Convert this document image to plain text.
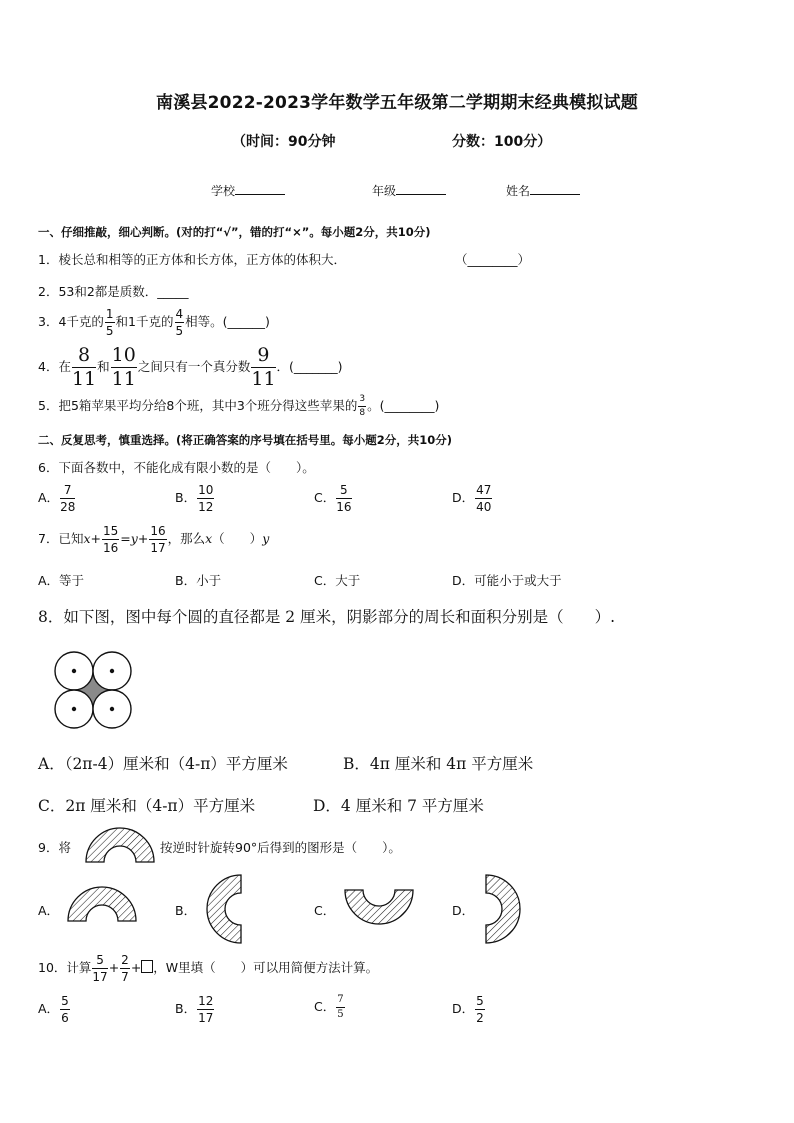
南溪县2022-2023学年数学五年级第二学期期末经典模拟试题
（时间：90分钟	分数：100分）
学校	年级	姓名
一、仔细推敲，细心判断。(对的打“√”，错的打“×”。每小题2分，共10分)
1．棱长总和相等的正方体和长方体，正方体的体积大．	（________）
2．53和2都是质数．_____
3．4千克的 $\frac{1}{5}$ 和1千克的 $\frac{4}{5}$ 相等。(______)
4．在 $\frac{8}{11}$ 和 $\frac{10}{11}$ 之间只有一个真分数 $\frac{9}{11}$ ．(_______)
5．把5箱苹果平均分给8个班，其中3个班分得这些苹果的 $\frac{3}{8}$ 。(________)
二、反复思考，慎重选择。(将正确答案的序号填在括号里。每小题2分，共10分)
6．下面各数中，不能化成有限小数的是（　　）。
A． $\frac{7}{28}$	B． $\frac{10}{12}$	C． $\frac{5}{16}$	D． $\frac{47}{40}$
7．已知$x+ \frac{15}{16} =y+ \frac{16}{17}$ ，那么x（　　）y
A．等于	B．小于	C．大于	D．可能小于或大于
8．如下图，图中每个圆的直径都是 2 厘米，阴影部分的周长和面积分别是（　　）.
A．（2π-4）厘米和（4-π）平方厘米	B．4π 厘米和 4π 平方厘米
C．2π 厘米和（4-π）平方厘米	D．4 厘米和 7 平方厘米
9．将	按逆时针旋转90°后得到的图形是（　　）。
A．	B．	C．	D．
10．计算 $\frac{5}{17} + \frac{2}{7}$ + ，W里填（　　）可以用简便方法计算。
A． $\frac{5}{6}$	B． $\frac{12}{17}$	C． $\frac{7}{5}$	D． $\frac{5}{2}$
